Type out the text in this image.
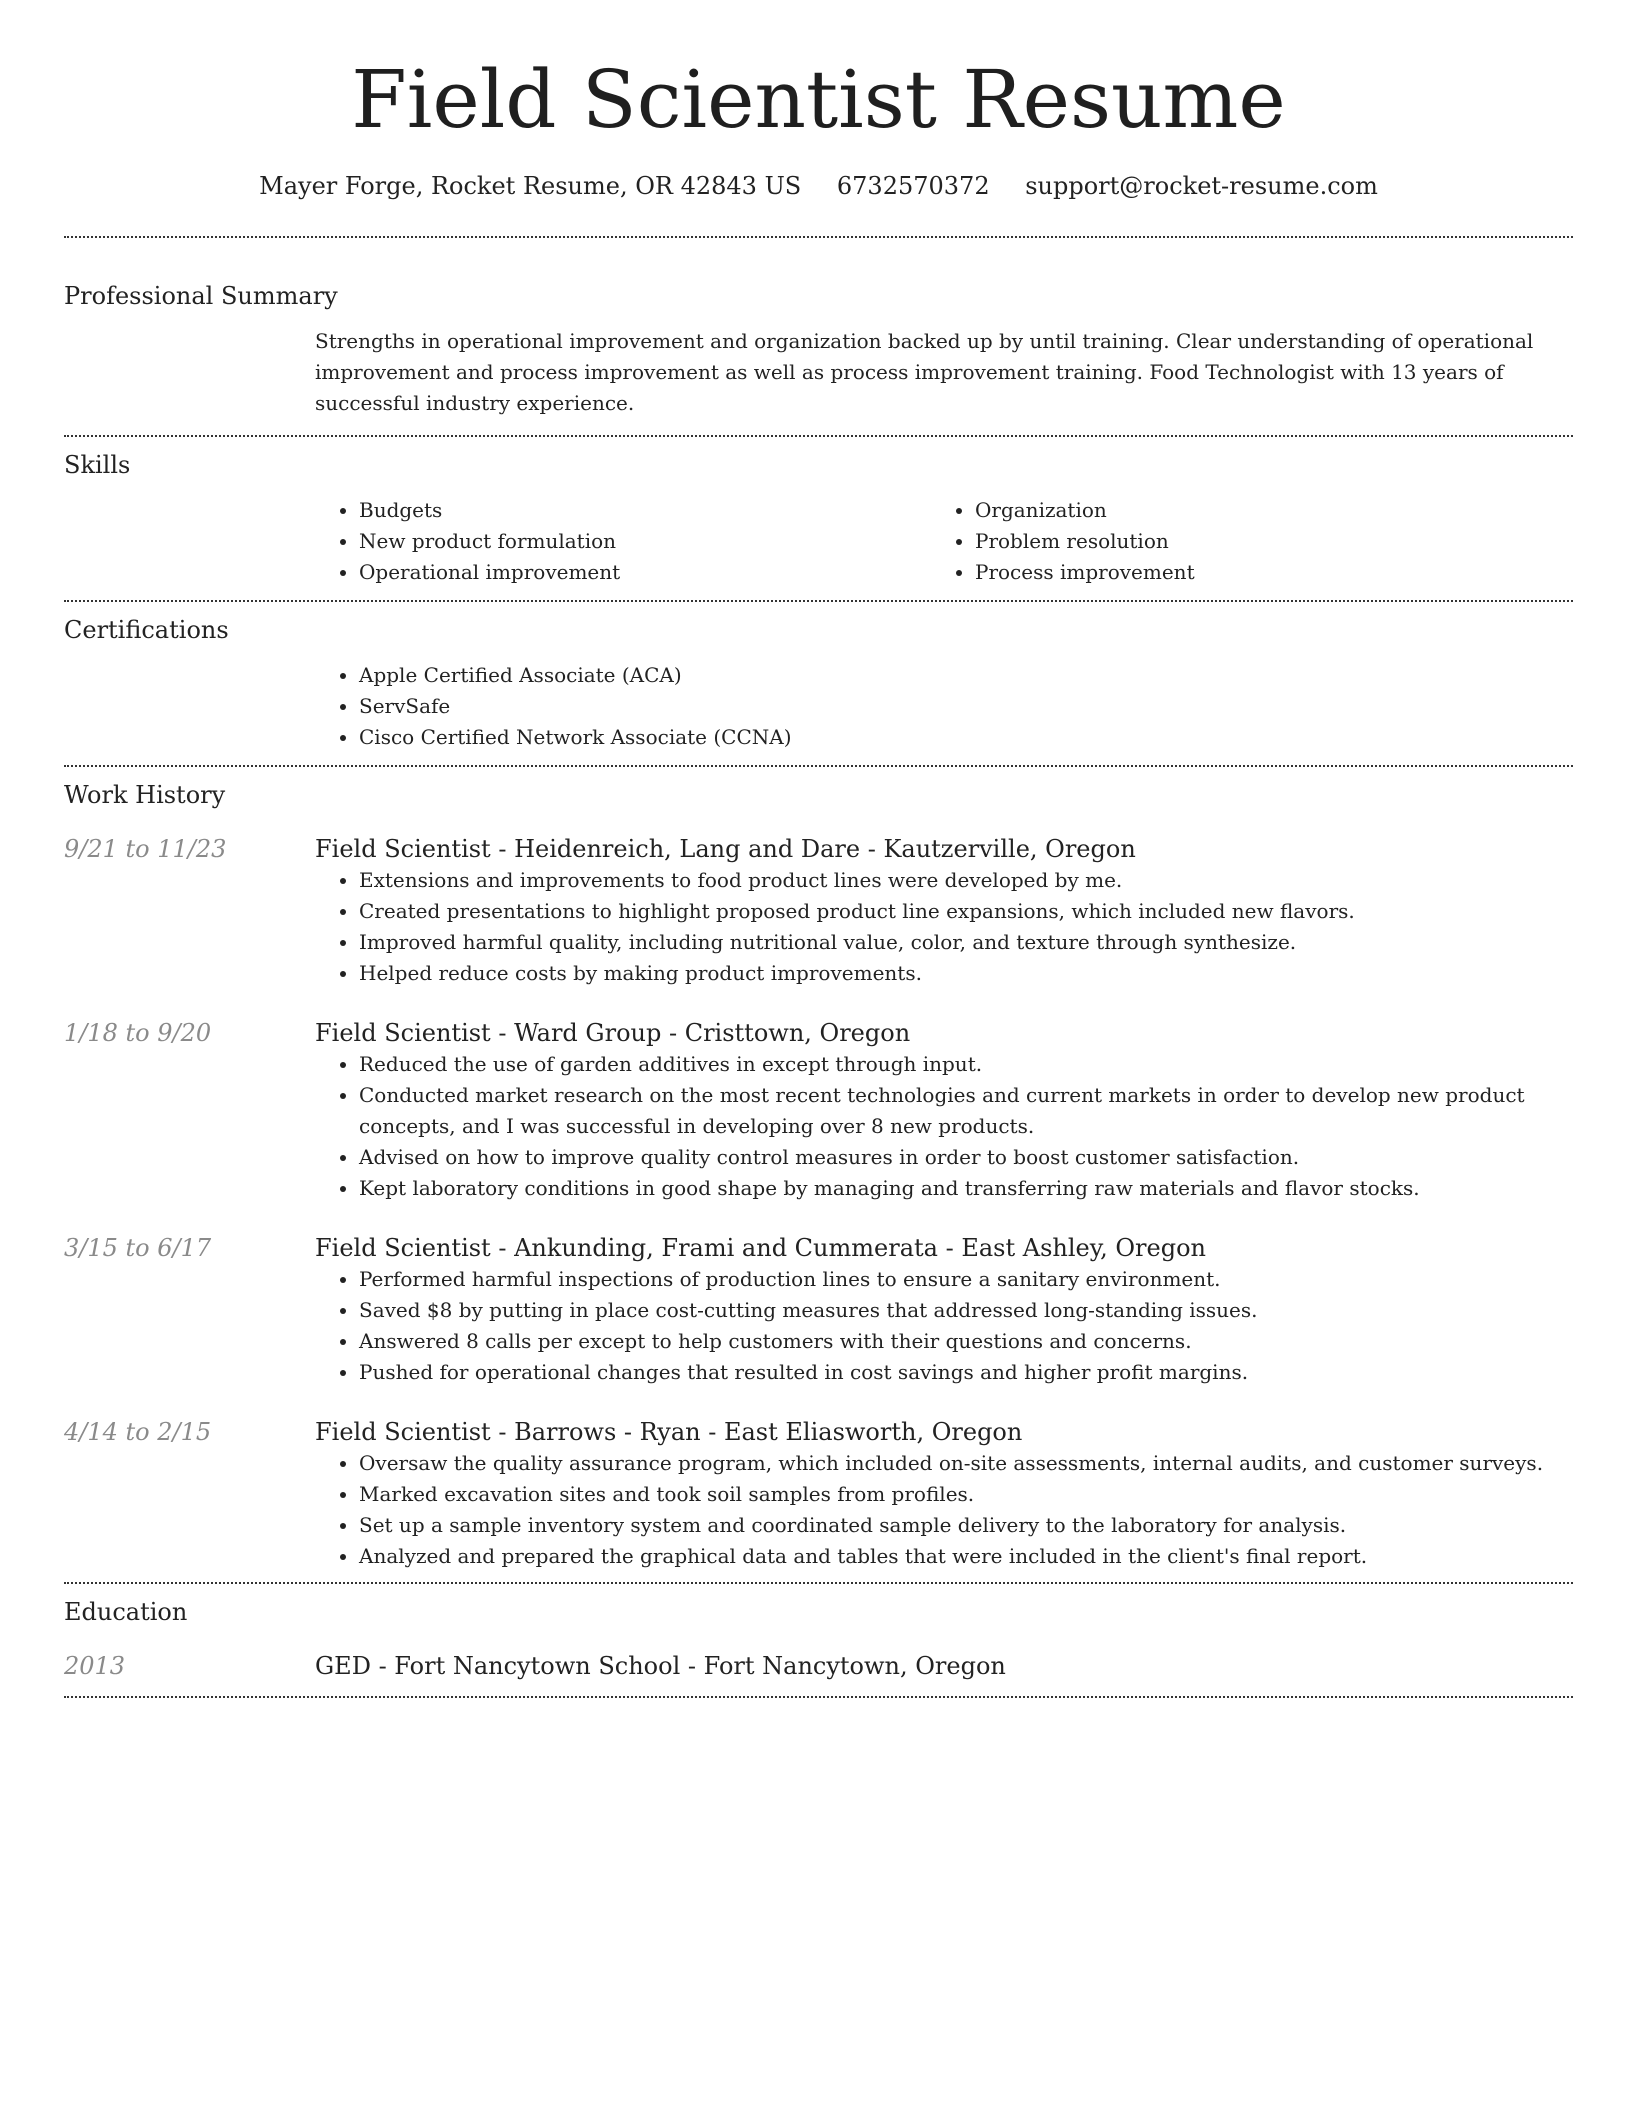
Field Scientist Resume
Mayer Forge, Rocket Resume, OR 42843 US 6732570372 support@rocket-resume.com
Professional Summary
Strengths in operational improvement and organization backed up by until training. Clear understanding of operational improvement and process improvement as well as process improvement training. Food Technologist with 13 years of successful industry experience.
Skills
• Budgets
• New product formulation
• Operational improvement
• Organization
• Problem resolution
• Process improvement
Certifications
• Apple Certified Associate (ACA)
• ServSafe
• Cisco Certified Network Associate (CCNA)
Work History
9/21 to 11/23	Field Scientist - Heidenreich, Lang and Dare - Kautzerville, Oregon
• Extensions and improvements to food product lines were developed by me.
• Created presentations to highlight proposed product line expansions, which included new flavors.
• Improved harmful quality, including nutritional value, color, and texture through synthesize.
• Helped reduce costs by making product improvements.
1/18 to 9/20	Field Scientist - Ward Group - Cristtown, Oregon
• Reduced the use of garden additives in except through input.
• Conducted market research on the most recent technologies and current markets in order to develop new product concepts, and I was successful in developing over 8 new products.
• Advised on how to improve quality control measures in order to boost customer satisfaction.
• Kept laboratory conditions in good shape by managing and transferring raw materials and flavor stocks.
3/15 to 6/17	Field Scientist - Ankunding, Frami and Cummerata - East Ashley, Oregon
• Performed harmful inspections of production lines to ensure a sanitary environment.
• Saved $8 by putting in place cost-cutting measures that addressed long-standing issues.
• Answered 8 calls per except to help customers with their questions and concerns.
• Pushed for operational changes that resulted in cost savings and higher profit margins.
4/14 to 2/15	Field Scientist - Barrows - Ryan - East Eliasworth, Oregon
• Oversaw the quality assurance program, which included on-site assessments, internal audits, and customer surveys.
• Marked excavation sites and took soil samples from profiles.
• Set up a sample inventory system and coordinated sample delivery to the laboratory for analysis.
• Analyzed and prepared the graphical data and tables that were included in the client's final report.
Education
2013	GED - Fort Nancytown School - Fort Nancytown, Oregon
